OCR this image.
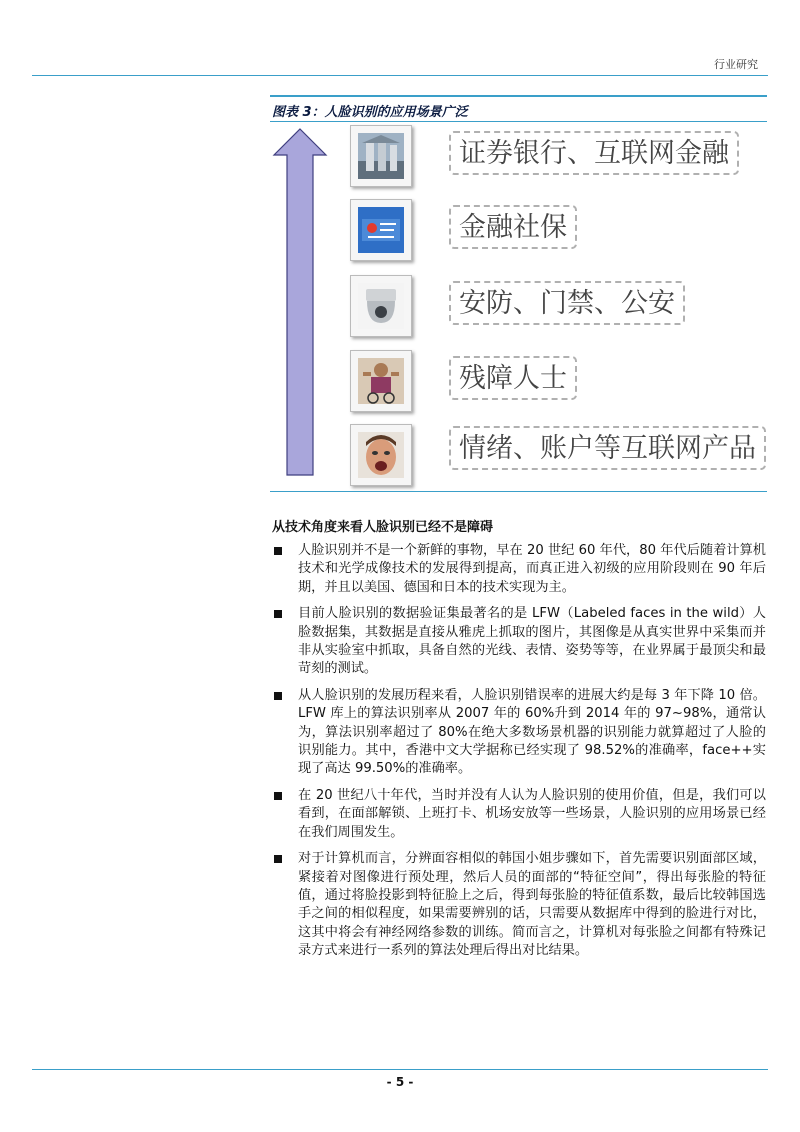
行业研究
图表 3：人脸识别的应用场景广泛
证券银行、互联网金融
金融社保
安防、门禁、公安
残障人士
情绪、账户等互联网产品
从技术角度来看人脸识别已经不是障碍
人脸识别并不是一个新鲜的事物，早在 20 世纪 60 年代，80 年代后随着计算机技术和光学成像技术的发展得到提高，而真正进入初级的应用阶段则在 90 年后期，并且以美国、德国和日本的技术实现为主。
目前人脸识别的数据验证集最著名的是 LFW（Labeled faces in the wild）人脸数据集，其数据是直接从雅虎上抓取的图片，其图像是从真实世界中采集而并非从实验室中抓取，具备自然的光线、表情、姿势等等，在业界属于最顶尖和最苛刻的测试。
从人脸识别的发展历程来看，人脸识别错误率的进展大约是每 3 年下降 10 倍。LFW 库上的算法识别率从 2007 年的 60%升到 2014 年的 97~98%，通常认为，算法识别率超过了 80%在绝大多数场景机器的识别能力就算超过了人脸的识别能力。其中，香港中文大学据称已经实现了 98.52%的准确率，face++实现了高达 99.50%的准确率。
在 20 世纪八十年代，当时并没有人认为人脸识别的使用价值，但是，我们可以看到，在面部解锁、上班打卡、机场安放等一些场景，人脸识别的应用场景已经在我们周围发生。
对于计算机而言，分辨面容相似的韩国小姐步骤如下，首先需要识别面部区域，紧接着对图像进行预处理，然后人员的面部的“特征空间”，得出每张脸的特征值，通过将脸投影到特征脸上之后，得到每张脸的特征值系数，最后比较韩国选手之间的相似程度，如果需要辨别的话，只需要从数据库中得到的脸进行对比，这其中将会有神经网络参数的训练。简而言之，计算机对每张脸之间都有特殊记录方式来进行一系列的算法处理后得出对比结果。
- 5 -
